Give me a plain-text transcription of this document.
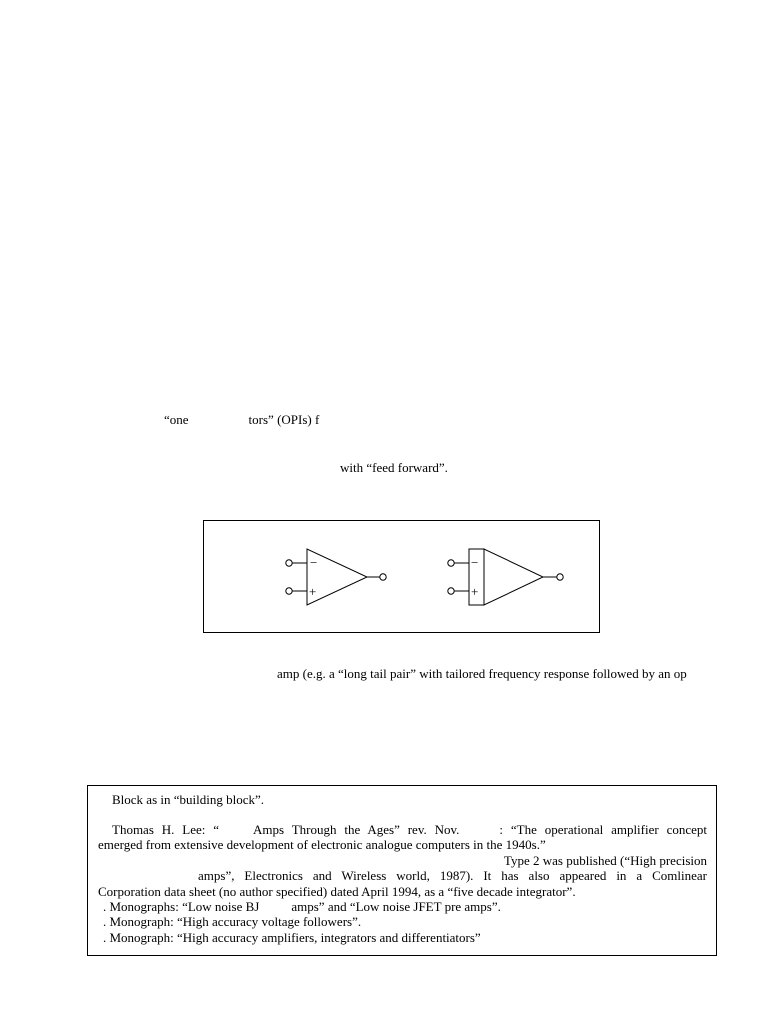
“one	tors” (OPIs) f
with “feed forward”.
−
+
−
+
amp (e.g. a “long tail pair” with tailored frequency response followed by an op
Block as in “building block”.
Thomas H. Lee: “	Amps Through the Ages” rev. Nov.	: “The operational amplifier concept
emerged from extensive development of electronic analogue computers in the 1940s.”
Type 2 was published (“High precision
amps”, Electronics and Wireless world, 1987). It has also appeared in a Comlinear
Corporation data sheet (no author specified) dated April 1994, as a “five decade integrator”.
. Monographs: “Low noise BJ amps” and “Low noise JFET pre amps”.
. Monograph: “High accuracy voltage followers”.
. Monograph: “High accuracy amplifiers, integrators and differentiators”
